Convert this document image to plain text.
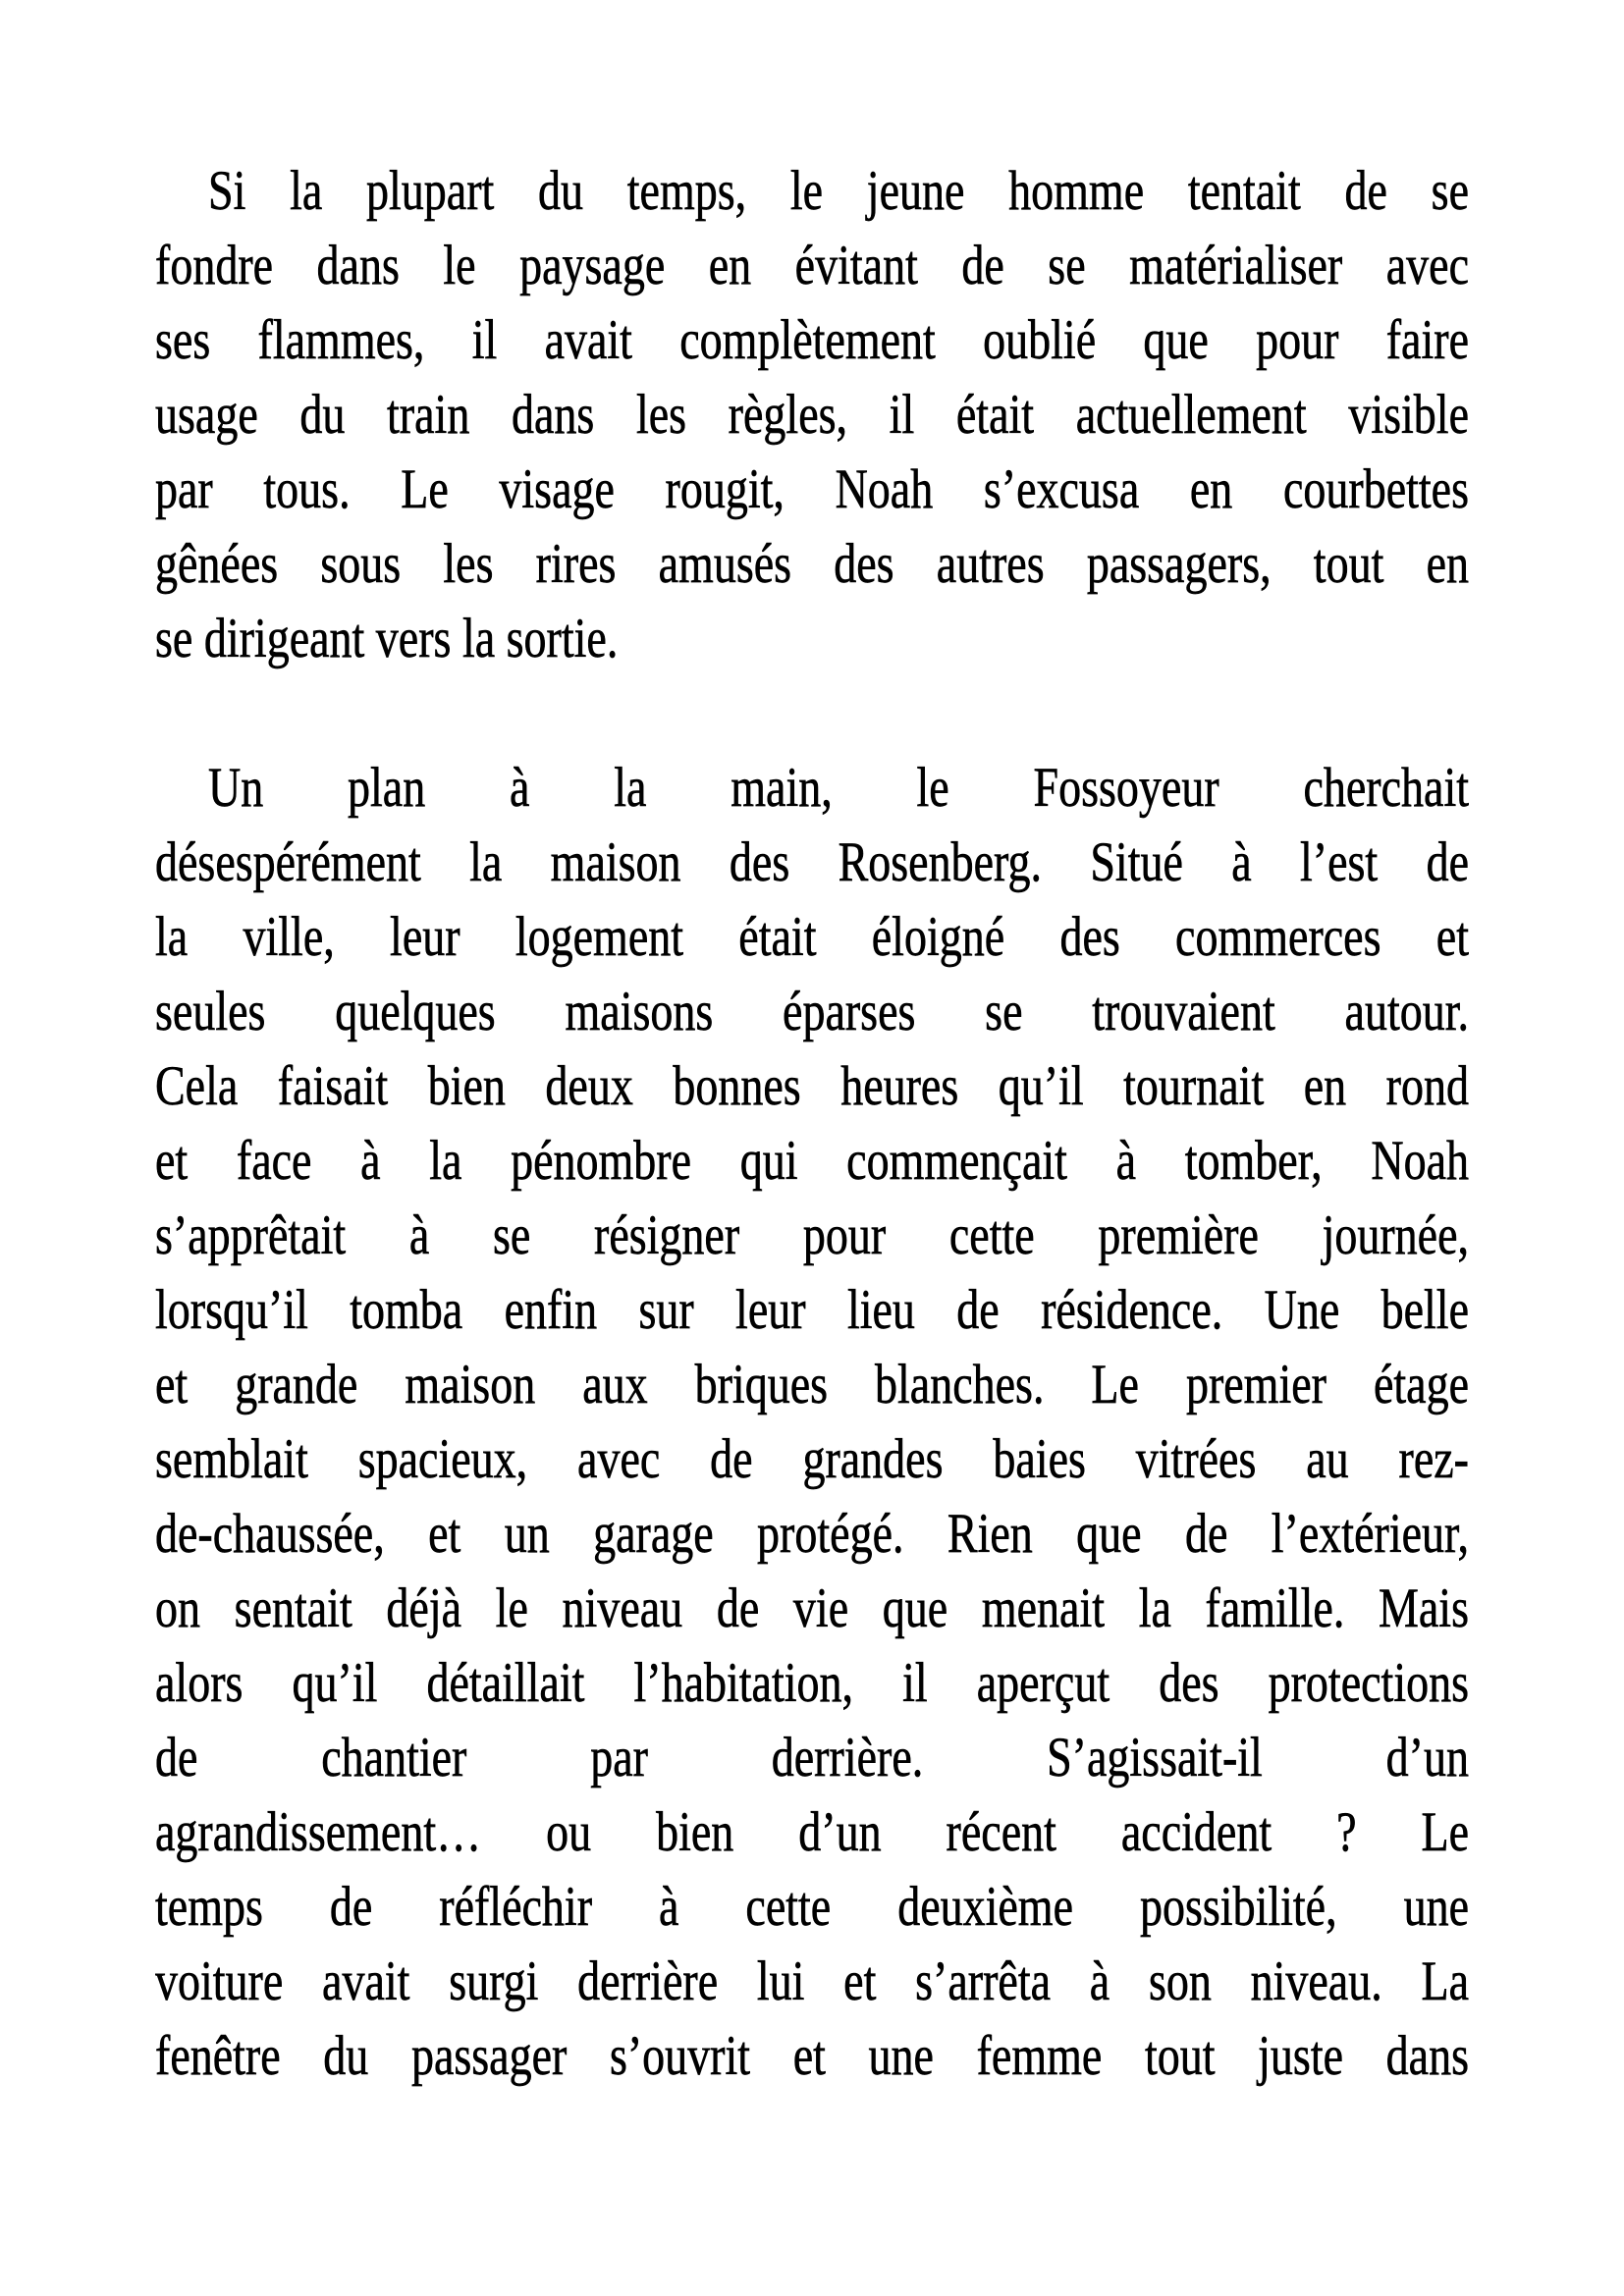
Si la plupart du temps, le jeune homme tentait de se
fondre dans le paysage en évitant de se matérialiser avec
ses flammes, il avait complètement oublié que pour faire
usage du train dans les règles, il était actuellement visible
par tous. Le visage rougit, Noah s’excusa en courbettes
gênées sous les rires amusés des autres passagers, tout en
se dirigeant vers la sortie.
Un plan à la main, le Fossoyeur cherchait
désespérément la maison des Rosenberg. Situé à l’est de
la ville, leur logement était éloigné des commerces et
seules quelques maisons éparses se trouvaient autour.
Cela faisait bien deux bonnes heures qu’il tournait en rond
et face à la pénombre qui commençait à tomber, Noah
s’apprêtait à se résigner pour cette première journée,
lorsqu’il tomba enfin sur leur lieu de résidence. Une belle
et grande maison aux briques blanches. Le premier étage
semblait spacieux, avec de grandes baies vitrées au rez-
de-chaussée, et un garage protégé. Rien que de l’extérieur,
on sentait déjà le niveau de vie que menait la famille. Mais
alors qu’il détaillait l’habitation, il aperçut des protections
de chantier par derrière. S’agissait-il d’un
agrandissement… ou bien d’un récent accident ? Le
temps de réfléchir à cette deuxième possibilité, une
voiture avait surgi derrière lui et s’arrêta à son niveau. La
fenêtre du passager s’ouvrit et une femme tout juste dans
